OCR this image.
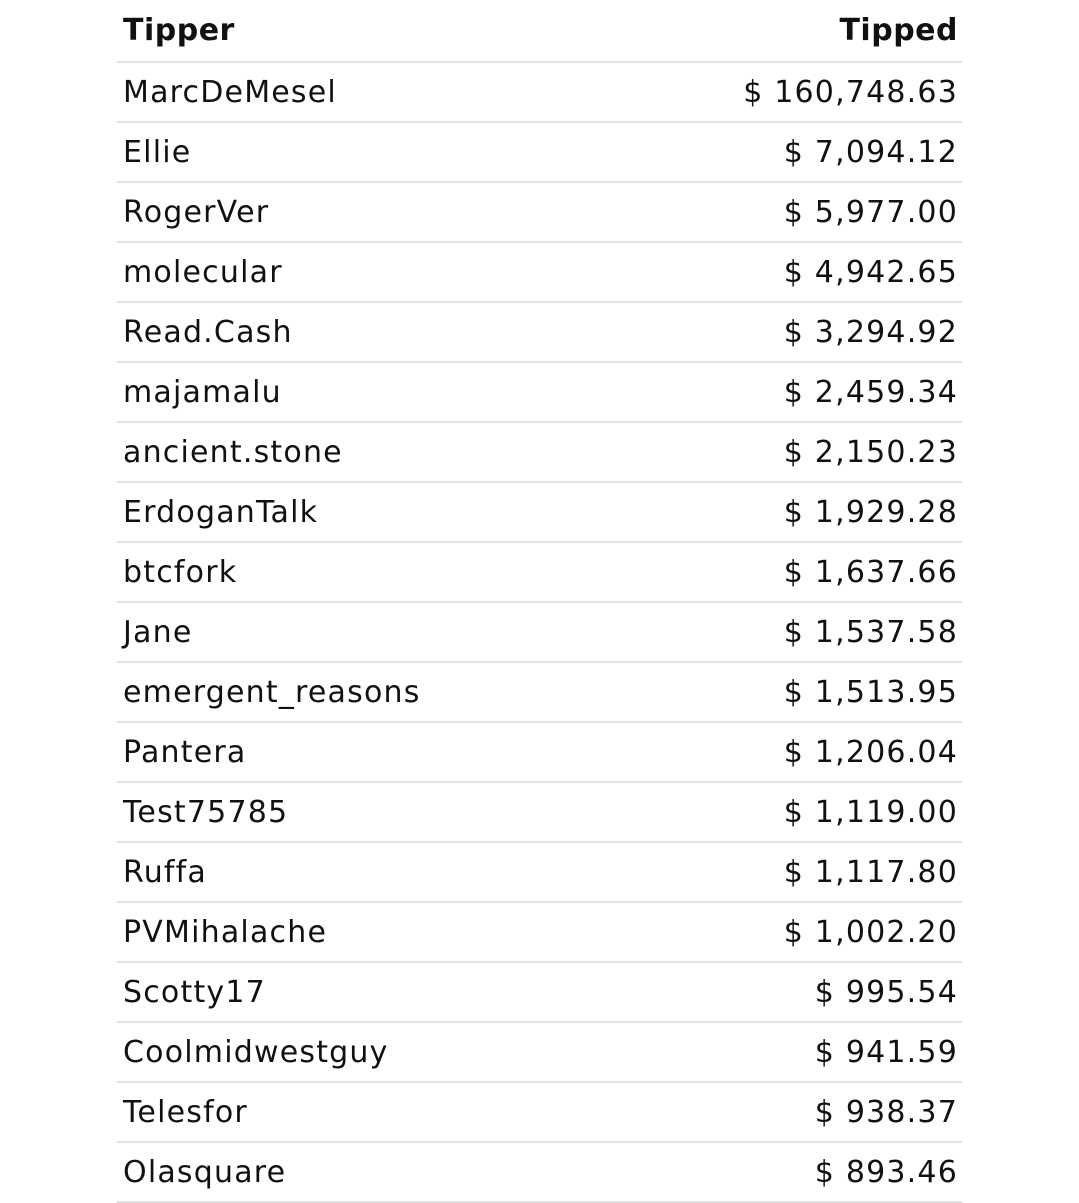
Tipper	Tipped
MarcDeMesel	$ 160,748.63
Ellie	$ 7,094.12
RogerVer	$ 5,977.00
molecular	$ 4,942.65
Read.Cash	$ 3,294.92
majamalu	$ 2,459.34
ancient.stone	$ 2,150.23
ErdoganTalk	$ 1,929.28
btcfork	$ 1,637.66
Jane	$ 1,537.58
emergent_reasons	$ 1,513.95
Pantera	$ 1,206.04
Test75785	$ 1,119.00
Ruffa	$ 1,117.80
PVMihalache	$ 1,002.20
Scotty17	$ 995.54
Coolmidwestguy	$ 941.59
Telesfor	$ 938.37
Olasquare	$ 893.46
